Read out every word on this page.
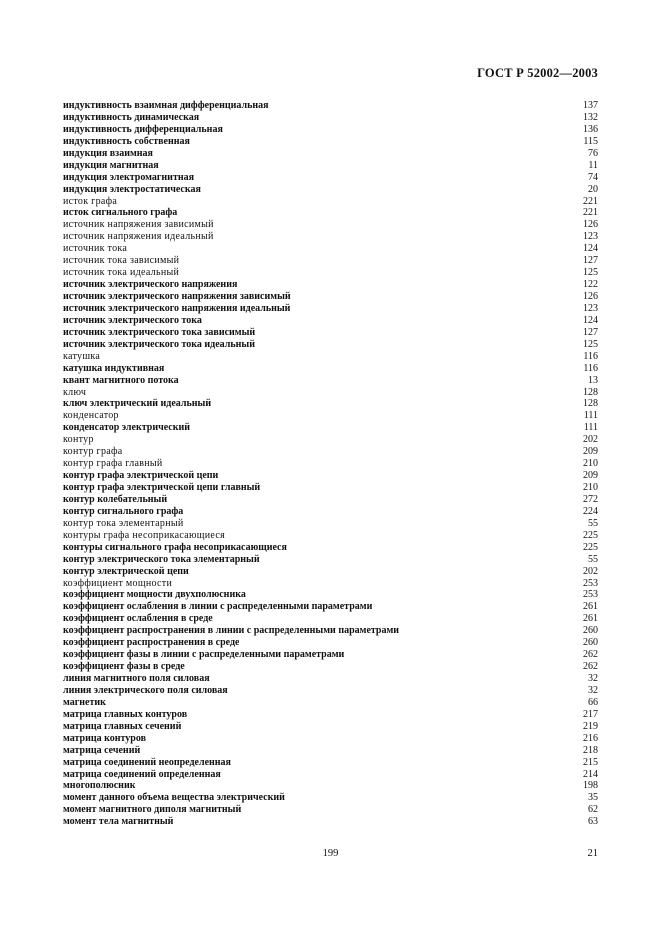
ГОСТ Р 52002—2003
индуктивность взаимная дифференциальная	137
индуктивность динамическая	132
индуктивность дифференциальная	136
индуктивность собственная	115
индукция взаимная	76
индукция магнитная	11
индукция электромагнитная	74
индукция электростатическая	20
исток графа	221
исток сигнального графа	221
источник напряжения зависимый	126
источник напряжения идеальный	123
источник тока	124
источник тока зависимый	127
источник тока идеальный	125
источник электрического напряжения	122
источник электрического напряжения зависимый	126
источник электрического напряжения идеальный	123
источник электрического тока	124
источник электрического тока зависимый	127
источник электрического тока идеальный	125
катушка	116
катушка индуктивная	116
квант магнитного потока	13
ключ	128
ключ электрический идеальный	128
конденсатор	111
конденсатор электрический	111
контур	202
контур графа	209
контур графа главный	210
контур графа электрической цепи	209
контур графа электрической цепи главный	210
контур колебательный	272
контур сигнального графа	224
контур тока элементарный	55
контуры графа несоприкасающиеся	225
контуры сигнального графа несоприкасающиеся	225
контур электрического тока элементарный	55
контур электрической цепи	202
коэффициент мощности	253
коэффициент мощности двухполюсника	253
коэффициент ослабления в линии с распределенными параметрами	261
коэффициент ослабления в среде	261
коэффициент распространения в линии с распределенными параметрами	260
коэффициент распространения в среде	260
коэффициент фазы в линии с распределенными параметрами	262
коэффициент фазы в среде	262
линия магнитного поля силовая	32
линия электрического поля силовая	32
магнетик	66
матрица главных контуров	217
матрица главных сечений	219
матрица контуров	216
матрица сечений	218
матрица соединений неопределенная	215
матрица соединений определенная	214
многополюсник	198
момент данного объема вещества электрический	35
момент магнитного диполя магнитный	62
момент тела магнитный	63
199	21
